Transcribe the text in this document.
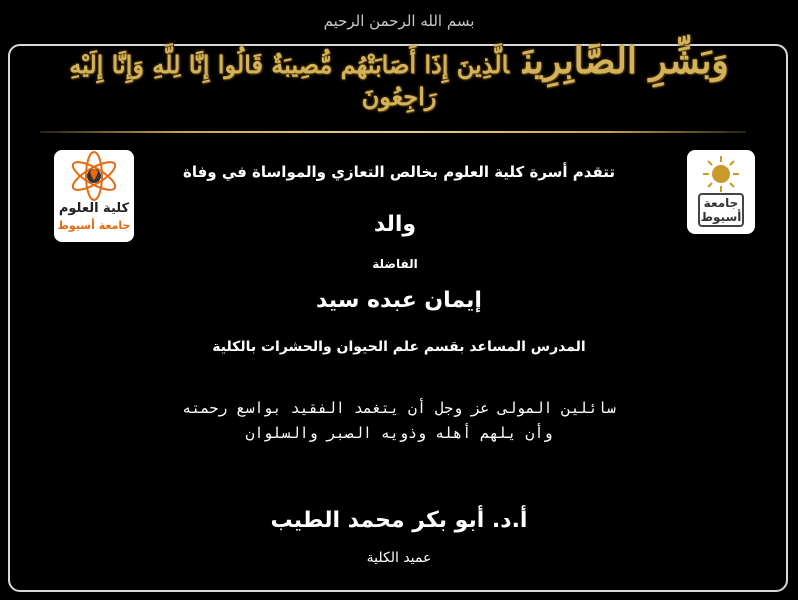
بسم الله الرحمن الرحيم
وَبَشِّرِ الصَّابِرِينَالَّذِينَ إِذَا أَصَابَتْهُم مُّصِيبَةٌ قَالُوا إِنَّا لِلَّهِ وَإِنَّا إِلَيْهِ رَاجِعُونَ
كلية العلوم
جامعة أسيوط
جامعة أسيوط
تتقدم أسرة كلية العلوم بخالص التعازي والمواساة في وفاة
والد
الفاضلة
إيمان عبده سيد
المدرس المساعد بقسم علم الحيوان والحشرات بالكلية
سائلين المولى عز وجل أن يتغمد الفقيد بواسع رحمته
وأن يلهم أهله وذويه الصبر والسلوان
أ.د. أبو بكر محمد الطيب
عميد الكلية
